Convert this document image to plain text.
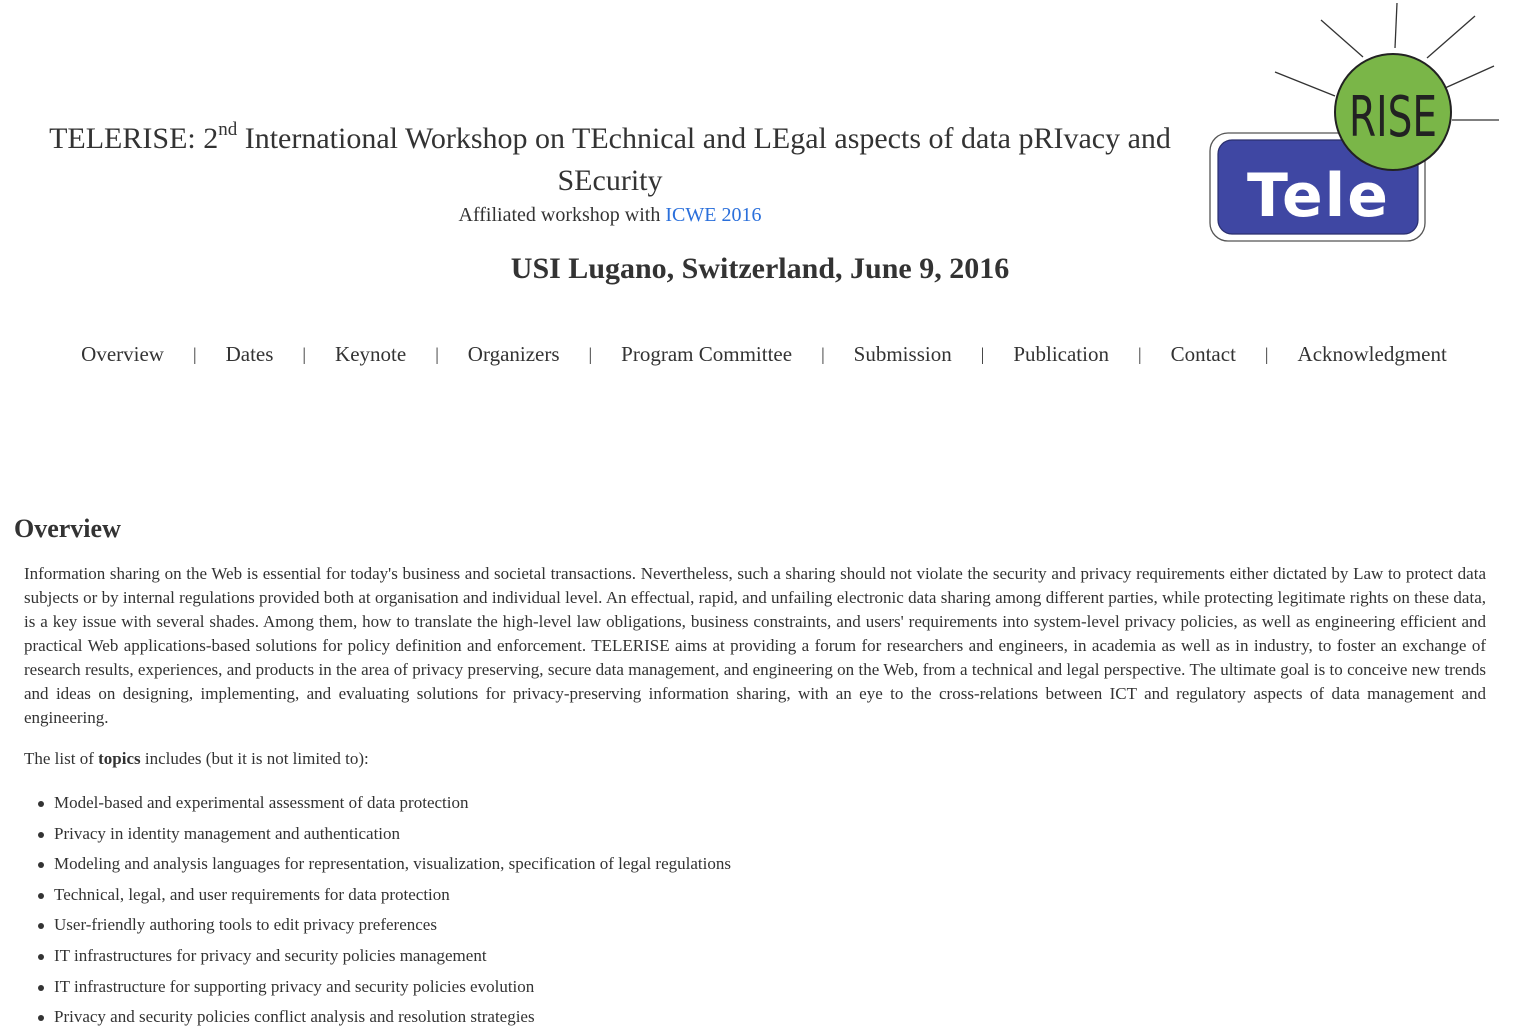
TELERISE: 2nd International Workshop on TEchnical and LEgal aspects of data pRIvacy and SEcurity
Affiliated workshop with ICWE 2016
USI Lugano, Switzerland, June 9, 2016
Tele
RISE
Overview | Dates | Keynote | Organizers | Program Committee | Submission | Publication | Contact | Acknowledgment
Overview
Information sharing on the Web is essential for today's business and societal transactions. Nevertheless, such a sharing should not violate the security and privacy requirements either dictated by Law to protect data subjects or by internal regulations provided both at organisation and individual level. An effectual, rapid, and unfailing electronic data sharing among different parties, while protecting legitimate rights on these data, is a key issue with several shades. Among them, how to translate the high-level law obligations, business constraints, and users' requirements into system-level privacy policies, as well as engineering efficient and practical Web applications-based solutions for policy definition and enforcement. TELERISE aims at providing a forum for researchers and engineers, in academia as well as in industry, to foster an exchange of research results, experiences, and products in the area of privacy preserving, secure data management, and engineering on the Web, from a technical and legal perspective. The ultimate goal is to conceive new trends and ideas on designing, implementing, and evaluating solutions for privacy-preserving information sharing, with an eye to the cross-relations between ICT and regulatory aspects of data management and engineering.
The list of topics includes (but it is not limited to):
Model-based and experimental assessment of data protection
Privacy in identity management and authentication
Modeling and analysis languages for representation, visualization, specification of legal regulations
Technical, legal, and user requirements for data protection
User-friendly authoring tools to edit privacy preferences
IT infrastructures for privacy and security policies management
IT infrastructure for supporting privacy and security policies evolution
Privacy and security policies conflict analysis and resolution strategies
